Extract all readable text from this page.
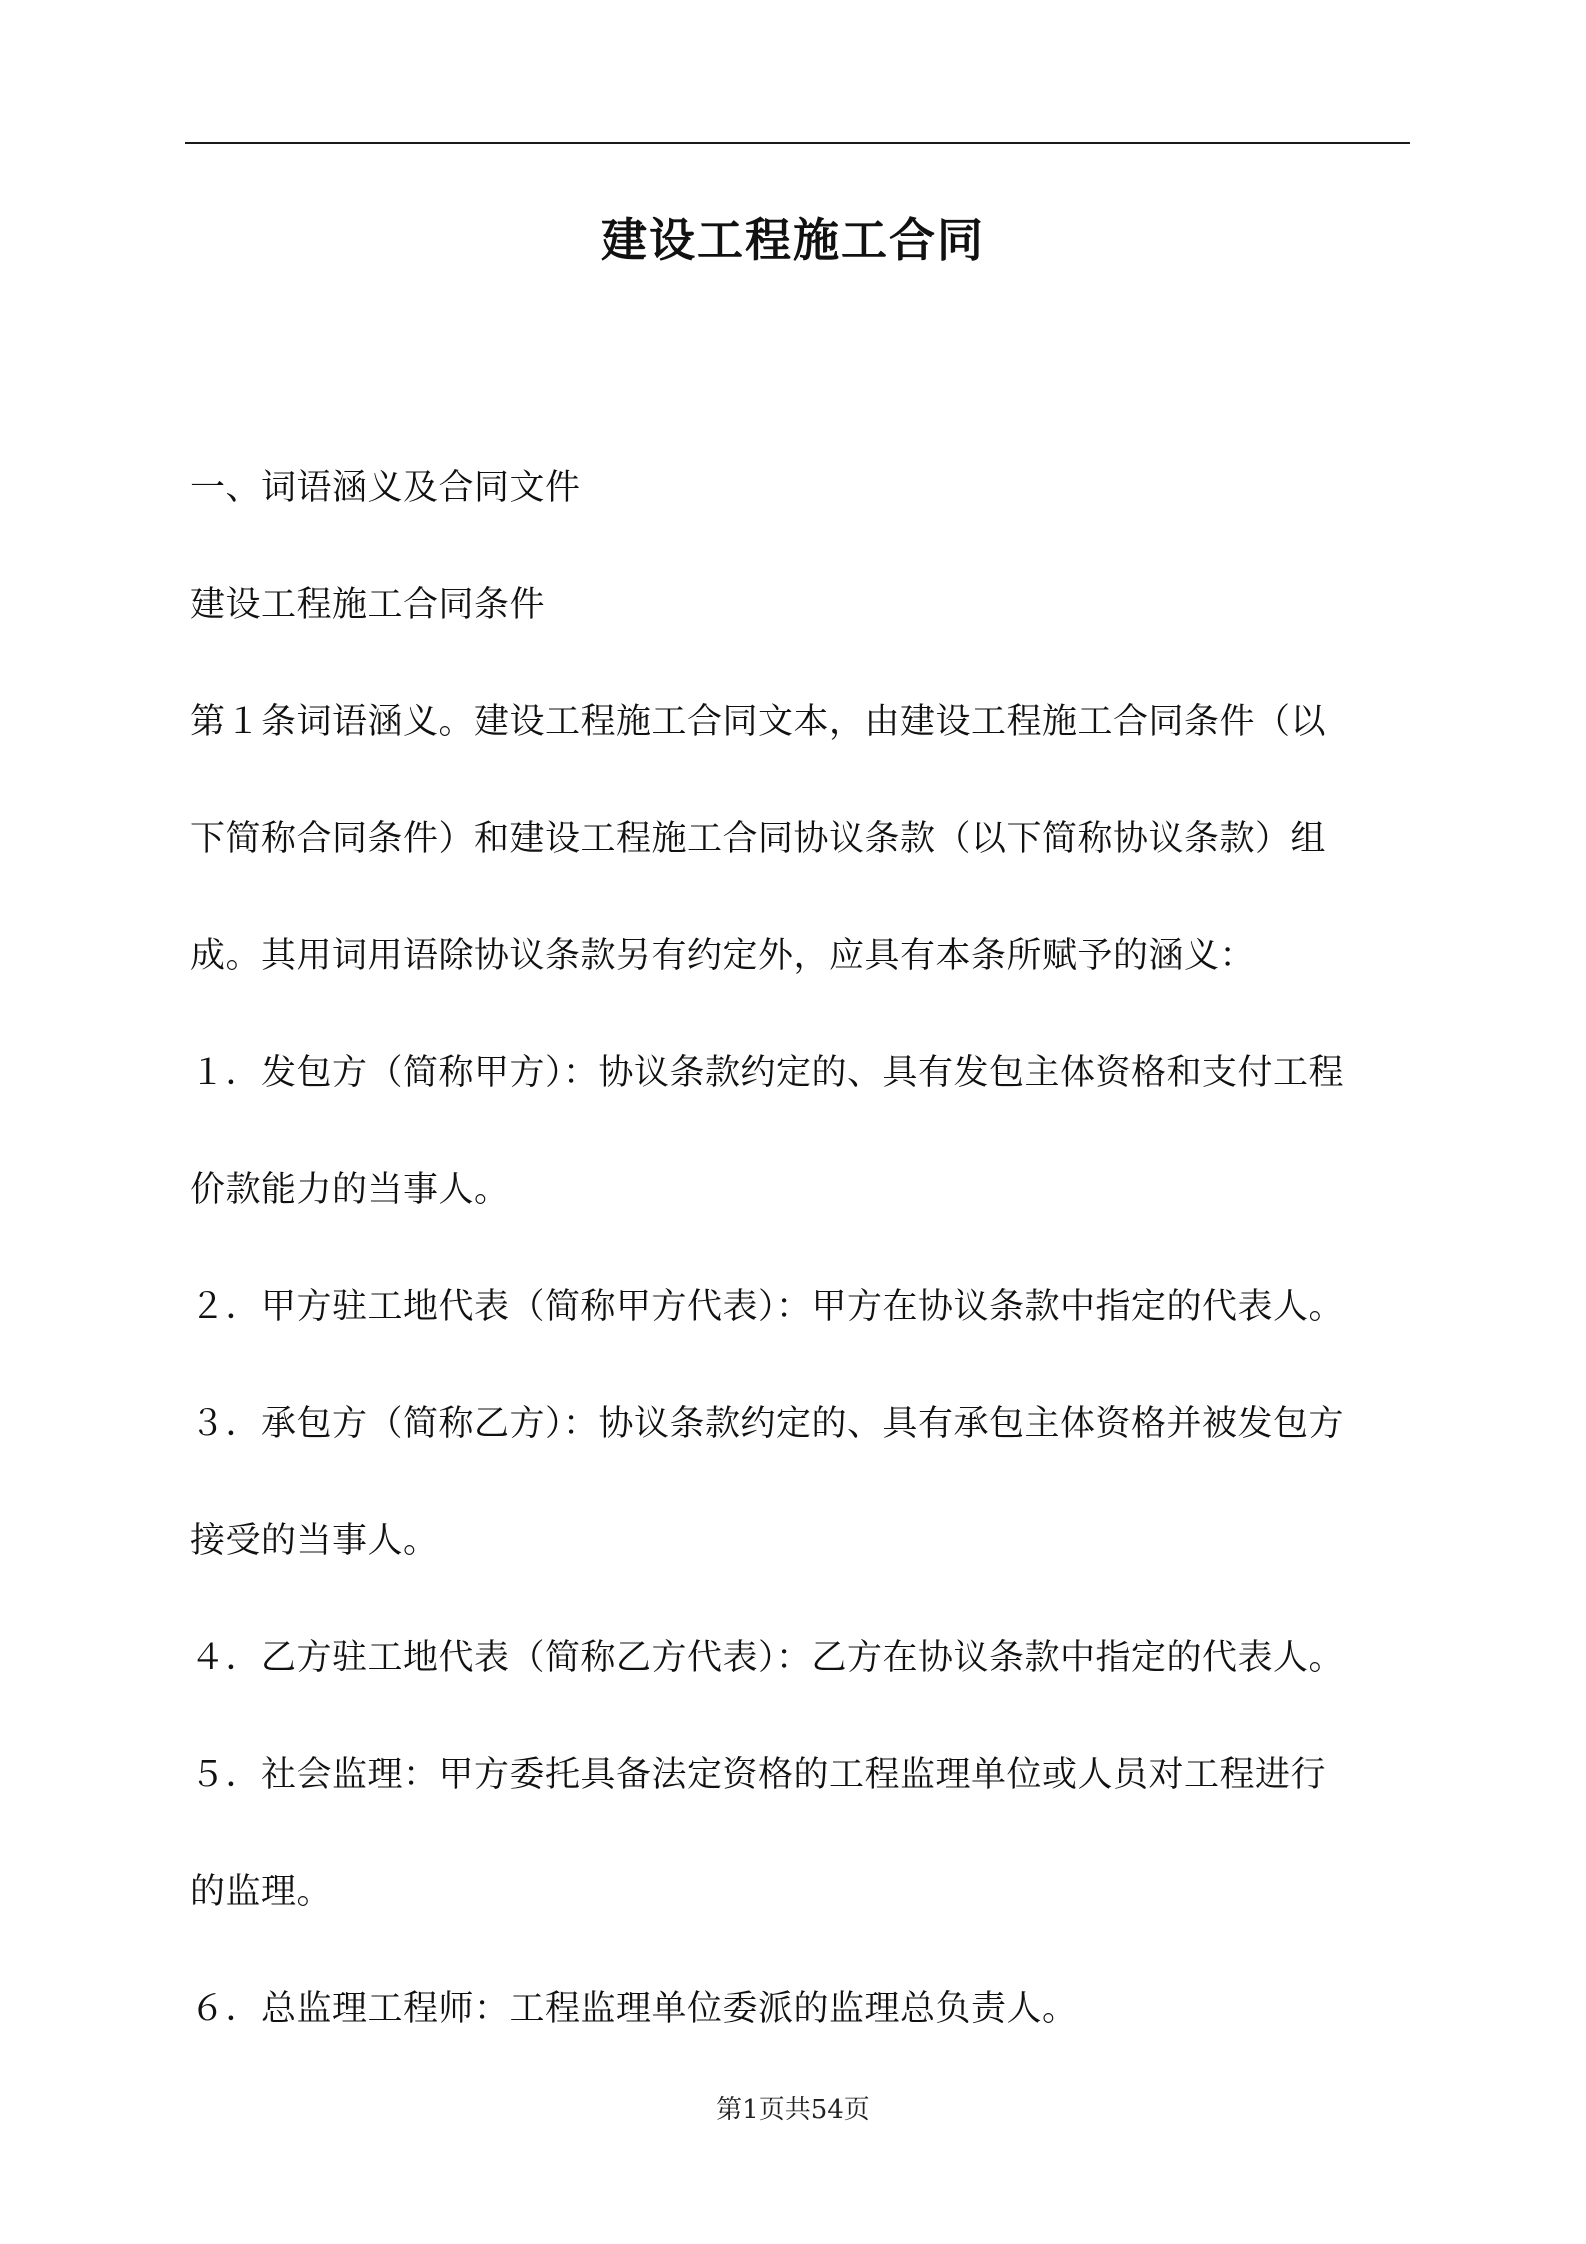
建设工程施工合同
一、词语涵义及合同文件
建设工程施工合同条件
第１条词语涵义。建设工程施工合同文本，由建设工程施工合同条件（以
下简称合同条件）和建设工程施工合同协议条款（以下简称协议条款）组
成。其用词用语除协议条款另有约定外，应具有本条所赋予的涵义：
１．发包方（简称甲方）：协议条款约定的、具有发包主体资格和支付工程
价款能力的当事人。
２．甲方驻工地代表（简称甲方代表）：甲方在协议条款中指定的代表人。
３．承包方（简称乙方）：协议条款约定的、具有承包主体资格并被发包方
接受的当事人。
４．乙方驻工地代表（简称乙方代表）：乙方在协议条款中指定的代表人。
５．社会监理：甲方委托具备法定资格的工程监理单位或人员对工程进行
的监理。
６．总监理工程师：工程监理单位委派的监理总负责人。
第1页共54页
